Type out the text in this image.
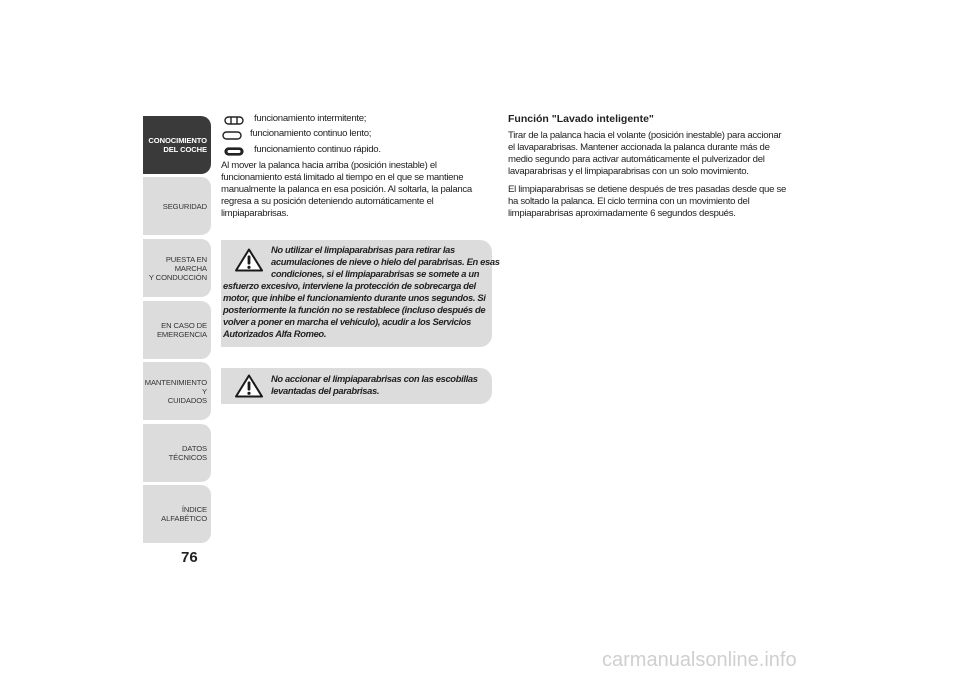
CONOCIMIENTO
DEL COCHE
SEGURIDAD
PUESTA EN MARCHA
Y CONDUCCIÓN
EN CASO DE
EMERGENCIA
MANTENIMIENTO Y
CUIDADOS
DATOS TÉCNICOS
ÍNDICE ALFABÉTICO
76
funcionamiento intermitente;
funcionamiento continuo lento;
funcionamiento continuo rápido.
Al mover la palanca hacia arriba (posición inestable) el
funcionamiento está limitado al tiempo en el que se mantiene
manualmente la palanca en esa posición. Al soltarla, la palanca
regresa a su posición deteniendo automáticamente el
limpiaparabrisas.
No utilizar el limpiaparabrisas para retirar las
acumulaciones de nieve o hielo del parabrisas. En esas
condiciones, si el limpiaparabrisas se somete a un
esfuerzo excesivo, interviene la protección de sobrecarga del
motor, que inhibe el funcionamiento durante unos segundos. Si
posteriormente la función no se restablece (incluso después de
volver a poner en marcha el vehículo), acudir a los Servicios
Autorizados Alfa Romeo.
No accionar el limpiaparabrisas con las escobillas
levantadas del parabrisas.
Función "Lavado inteligente"
Tirar de la palanca hacia el volante (posición inestable) para accionar
el lavaparabrisas. Mantener accionada la palanca durante más de
medio segundo para activar automáticamente el pulverizador del
lavaparabrisas y el limpiaparabrisas con un solo movimiento.
El limpiaparabrisas se detiene después de tres pasadas desde que se
ha soltado la palanca. El ciclo termina con un movimiento del
limpiaparabrisas aproximadamente 6 segundos después.
carmanualsonline.info
